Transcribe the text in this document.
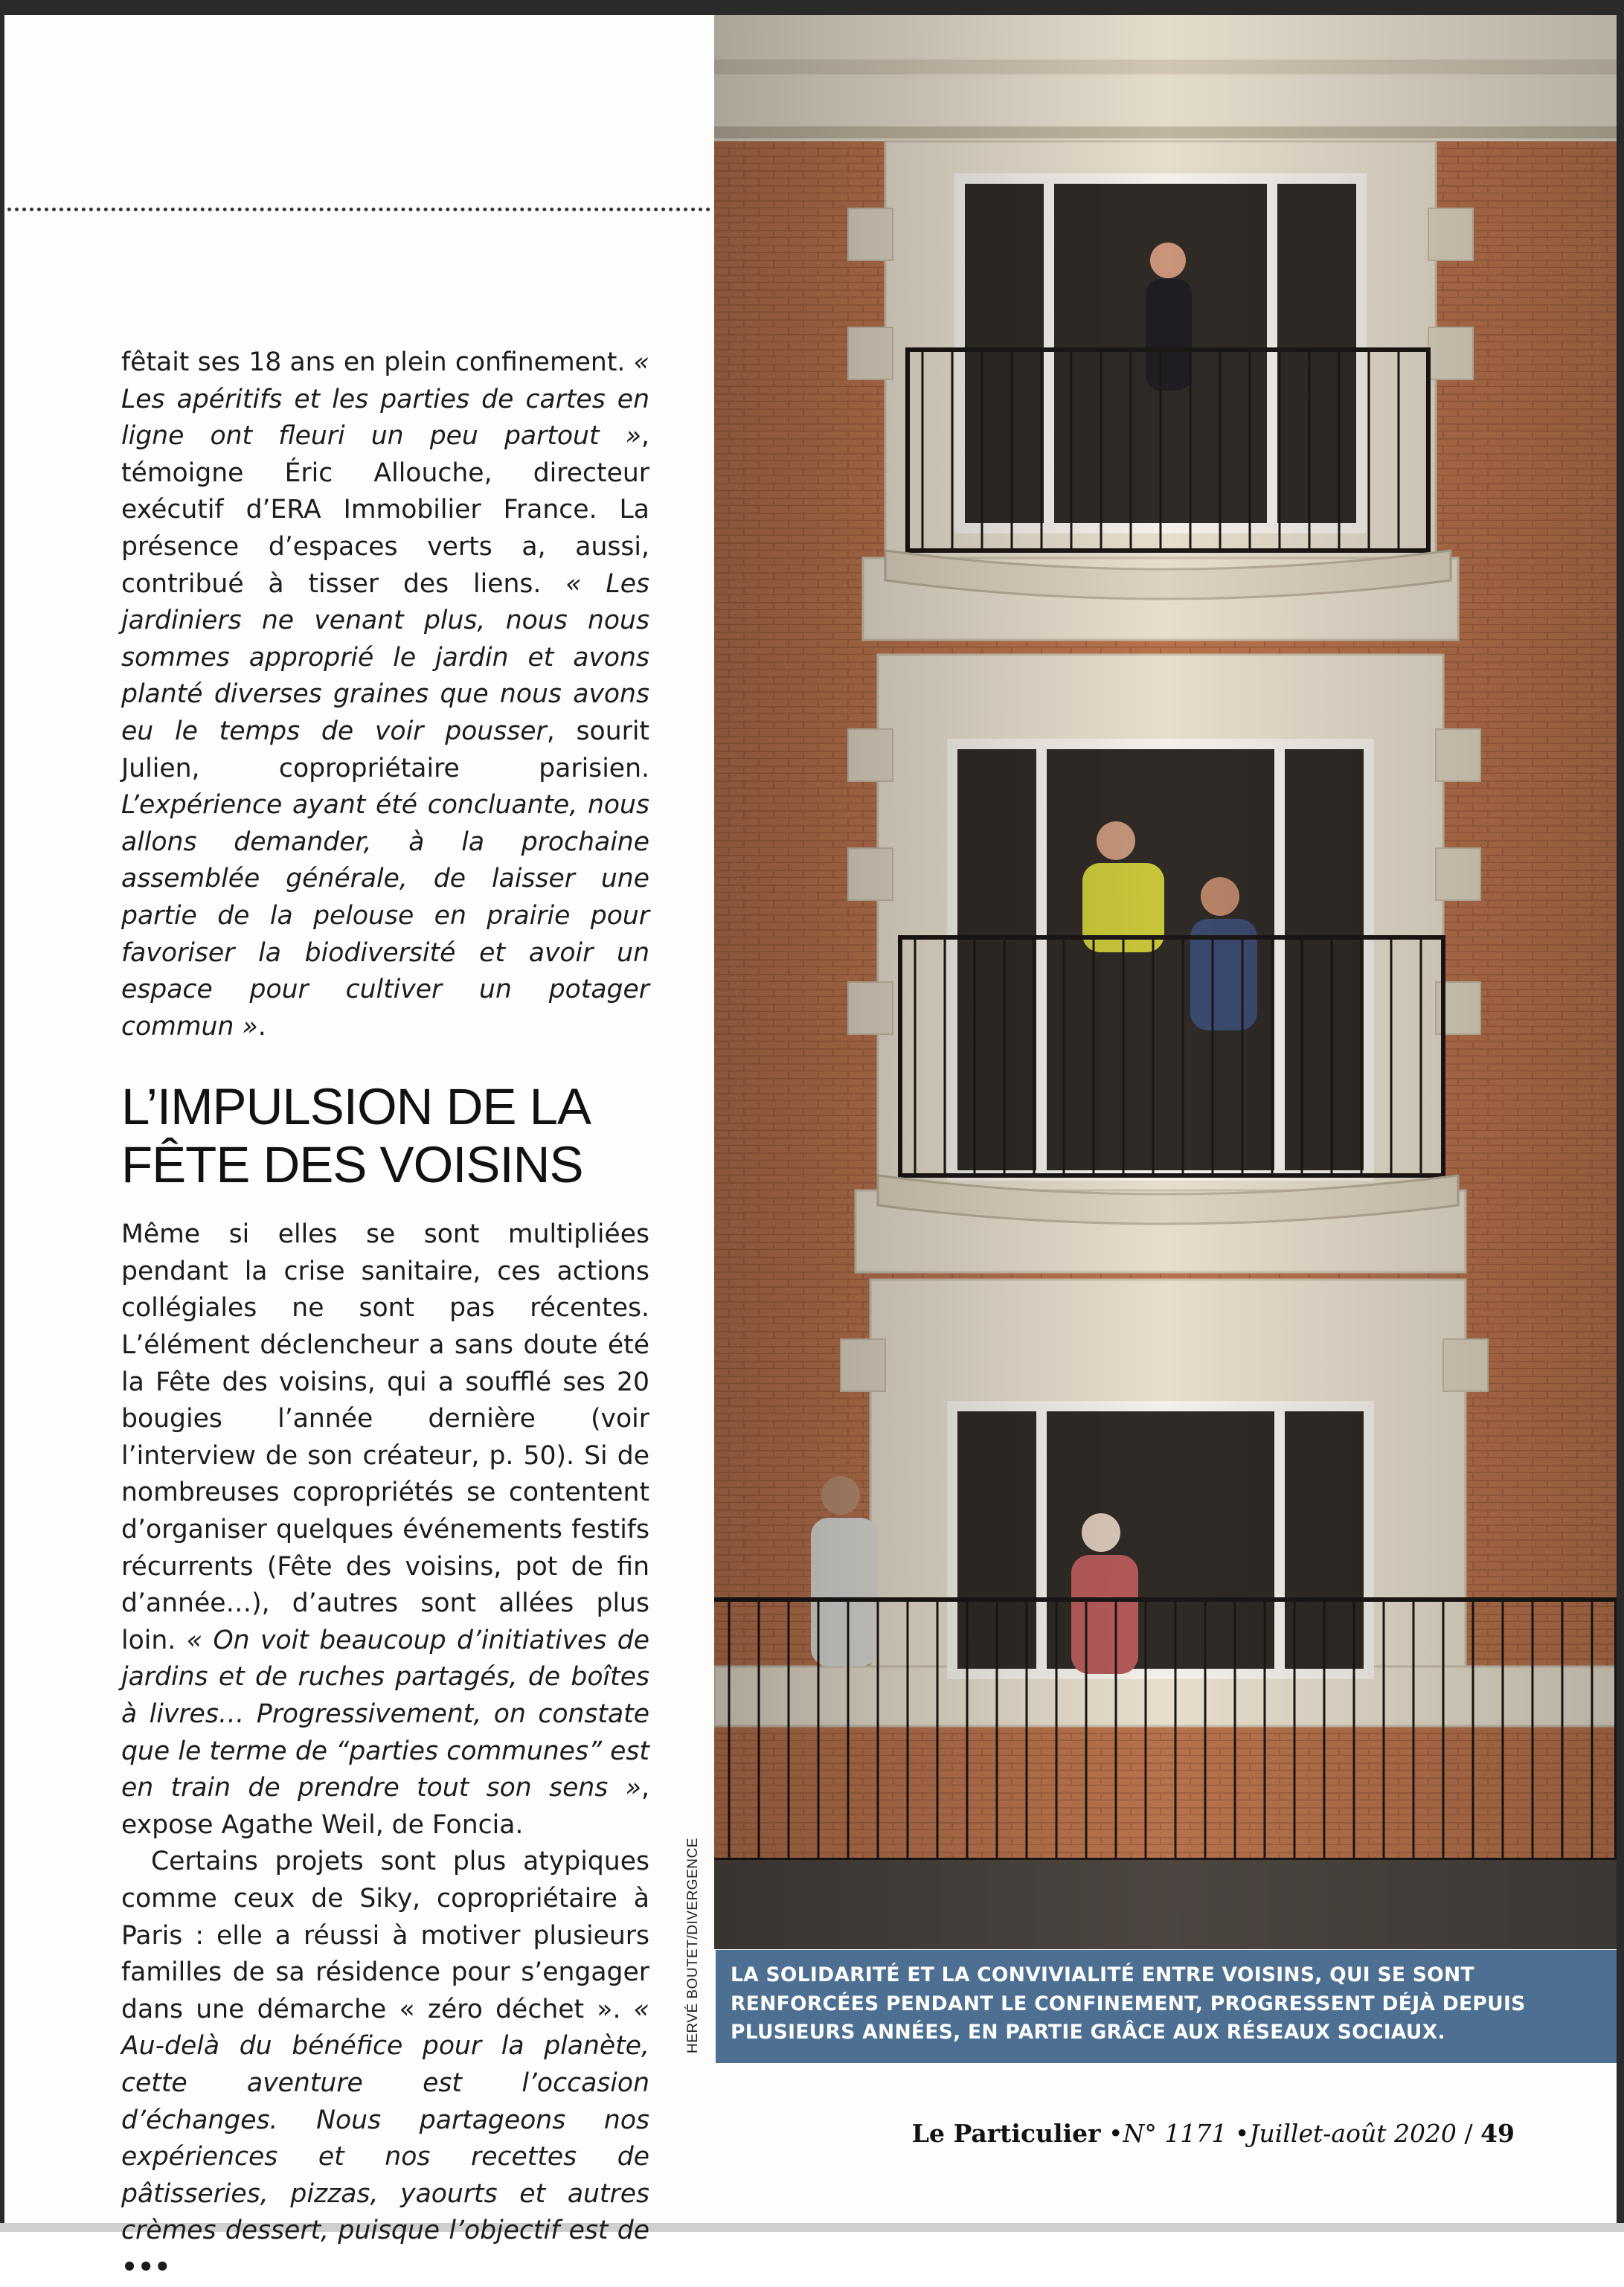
fêtait ses 18 ans en plein confinement. « Les apéritifs et les parties de cartes en ligne ont fleuri un peu partout », témoigne Éric Allouche, directeur exécutif d’ERA Immobilier France. La présence d’espaces verts a, aussi, contribué à tisser des liens. « Les jardiniers ne venant plus, nous nous sommes approprié le jardin et avons planté diverses graines que nous avons eu le temps de voir pousser, sourit Julien, copropriétaire parisien. L’expérience ayant été concluante, nous allons demander, à la prochaine assemblée générale, de laisser une partie de la pelouse en prairie pour favoriser la biodiversité et avoir un espace pour cultiver un potager commun ».

L’IMPULSION DE LA FÊTE DES VOISINS

Même si elles se sont multipliées pendant la crise sanitaire, ces actions collégiales ne sont pas récentes. L’élément déclencheur a sans doute été la Fête des voisins, qui a soufflé ses 20 bougies l’année dernière (voir l’interview de son créateur, p. 50). Si de nombreuses copropriétés se contentent d’organiser quelques événements festifs récurrents (Fête des voisins, pot de fin d’année…), d’autres sont allées plus loin. « On voit beaucoup d’initiatives de jardins et de ruches partagés, de boîtes à livres… Progressivement, on constate que le terme de “parties communes” est en train de prendre tout son sens », expose Agathe Weil, de Foncia.

Certains projets sont plus atypiques comme ceux de Siky, copropriétaire à Paris : elle a réussi à motiver plusieurs familles de sa résidence pour s’engager dans une démarche « zéro déchet ». « Au-delà du bénéfice pour la planète, cette aventure est l’occasion d’échanges. Nous partageons nos expériences et nos recettes de pâtisseries, pizzas, yaourts et autres crèmes dessert, puisque l’objectif est de •••

LA SOLIDARITÉ ET LA CONVIVIALITÉ ENTRE VOISINS, QUI SE SONT RENFORCÉES PENDANT LE CONFINEMENT, PROGRESSENT DÉJÀ DEPUIS PLUSIEURS ANNÉES, EN PARTIE GRÂCE AUX RÉSEAUX SOCIAUX.

HERVÉ BOUTET/DIVERGENCE
Le Particulier •N° 1171 •Juillet-août 2020 / 49
